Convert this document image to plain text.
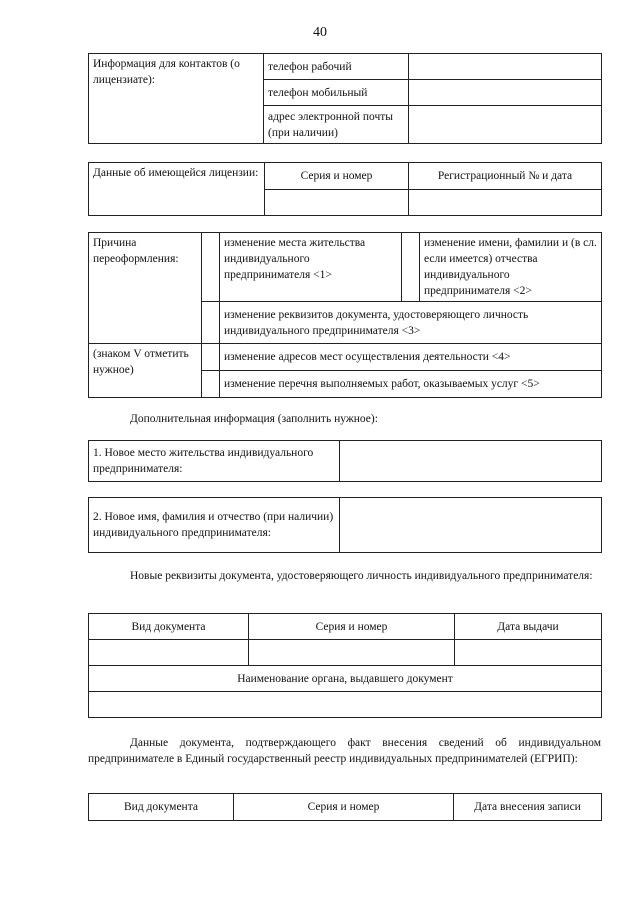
40
Информация для контактов (о лицензиате):	телефон рабочий	
	телефон мобильный	
	адрес электронной почты (при наличии)	
Данные об имеющейся лицензии:	Серия и номер	Регистрационный № и дата

Причина переоформления:		изменение места жительства индивидуального предпринимателя <1>		изменение имени, фамилии и (в сл. если имеется) отчества индивидуального предпринимателя <2>
		изменение реквизитов документа, удостоверяющего личность индивидуального предпринимателя <3>		
(знаком V отметить нужное)		изменение адресов мест осуществления деятельности <4>		
		изменение перечня выполняемых работ, оказываемых услуг <5>		
Дополнительная информация (заполнить нужное):
1. Новое место жительства индивидуального предпринимателя:	
2. Новое имя, фамилия и отчество (при наличии) индивидуального предпринимателя:	
Новые реквизиты документа, удостоверяющего личность индивидуального предпринимателя:
Вид документа	Серия и номер	Дата выдачи

Наименование органа, выдавшего документ		

Данные документа, подтверждающего факт внесения сведений об индивидуальном предпринимателе в Единый государственный реестр индивидуальных предпринимателей (ЕГРИП):
Вид документа	Серия и номер	Дата внесения записи
